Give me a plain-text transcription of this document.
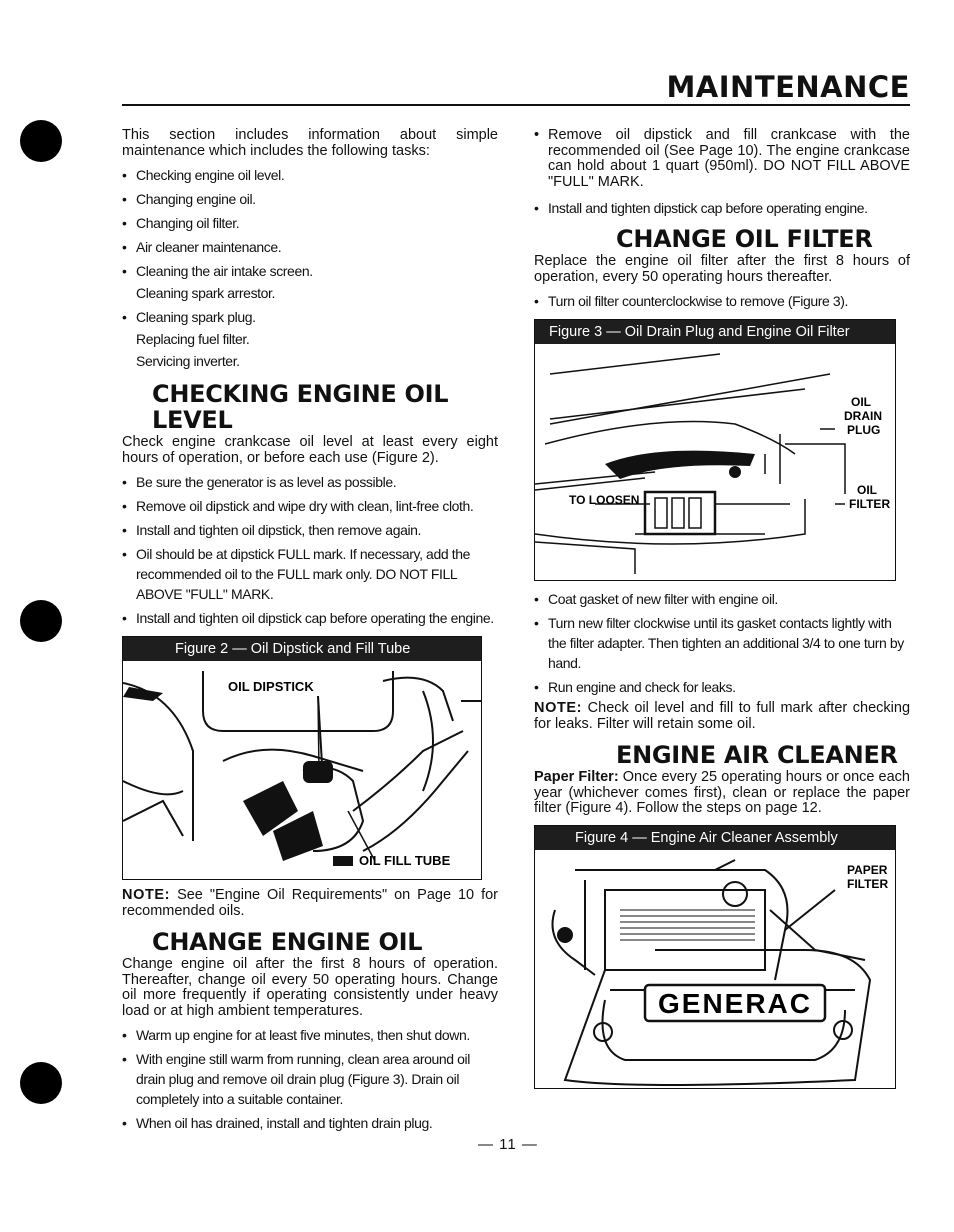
MAINTENANCE

This section includes information about simple maintenance which includes the following tasks:

• Checking engine oil level.
• Changing engine oil.
• Changing oil filter.
• Air cleaner maintenance.
• Cleaning the air intake screen.
Cleaning spark arrestor.
• Cleaning spark plug.
Replacing fuel filter.
Servicing inverter.
CHECKING ENGINE OIL LEVEL

Check engine crankcase oil level at least every eight hours of operation, or before each use (Figure 2).

• Be sure the generator is as level as possible.
• Remove oil dipstick and wipe dry with clean, lint-free cloth.
• Install and tighten oil dipstick, then remove again.
• Oil should be at dipstick FULL mark. If necessary, add the recommended oil to the FULL mark only. DO NOT FILL ABOVE "FULL" MARK.
• Install and tighten oil dipstick cap before operating the engine.
Figure 2 — Oil Dipstick and Fill Tube
OIL DIPSTICK
OIL FILL TUBE

NOTE: See "Engine Oil Requirements" on Page 10 for recommended oils.

CHANGE ENGINE OIL

Change engine oil after the first 8 hours of operation. Thereafter, change oil every 50 operating hours. Change oil more frequently if operating consistently under heavy load or at high ambient temperatures.

• Warm up engine for at least five minutes, then shut down.
• With engine still warm from running, clean area around oil drain plug and remove oil drain plug (Figure 3). Drain oil completely into a suitable container.
• When oil has drained, install and tighten drain plug.
• Remove oil dipstick and fill crankcase with the recommended oil (See Page 10). The engine crankcase can hold about 1 quart (950ml). DO NOT FILL ABOVE "FULL" MARK.
• Install and tighten dipstick cap before operating engine.
CHANGE OIL FILTER

Replace the engine oil filter after the first 8 hours of operation, every 50 operating hours thereafter.

• Turn oil filter counterclockwise to remove (Figure 3).
Figure 3 — Oil Drain Plug and Engine Oil Filter
OIL
DRAIN
PLUG
OIL
FILTER
TO LOOSEN
• Coat gasket of new filter with engine oil.
• Turn new filter clockwise until its gasket contacts lightly with the filter adapter. Then tighten an additional 3/4 to one turn by hand.
• Run engine and check for leaks.

NOTE: Check oil level and fill to full mark after checking for leaks. Filter will retain some oil.

ENGINE AIR CLEANER

Paper Filter: Once every 25 operating hours or once each year (whichever comes first), clean or replace the paper filter (Figure 4). Follow the steps on page 12.

Figure 4 — Engine Air Cleaner Assembly
GENERAC
PAPER
FILTER
— 11 —
